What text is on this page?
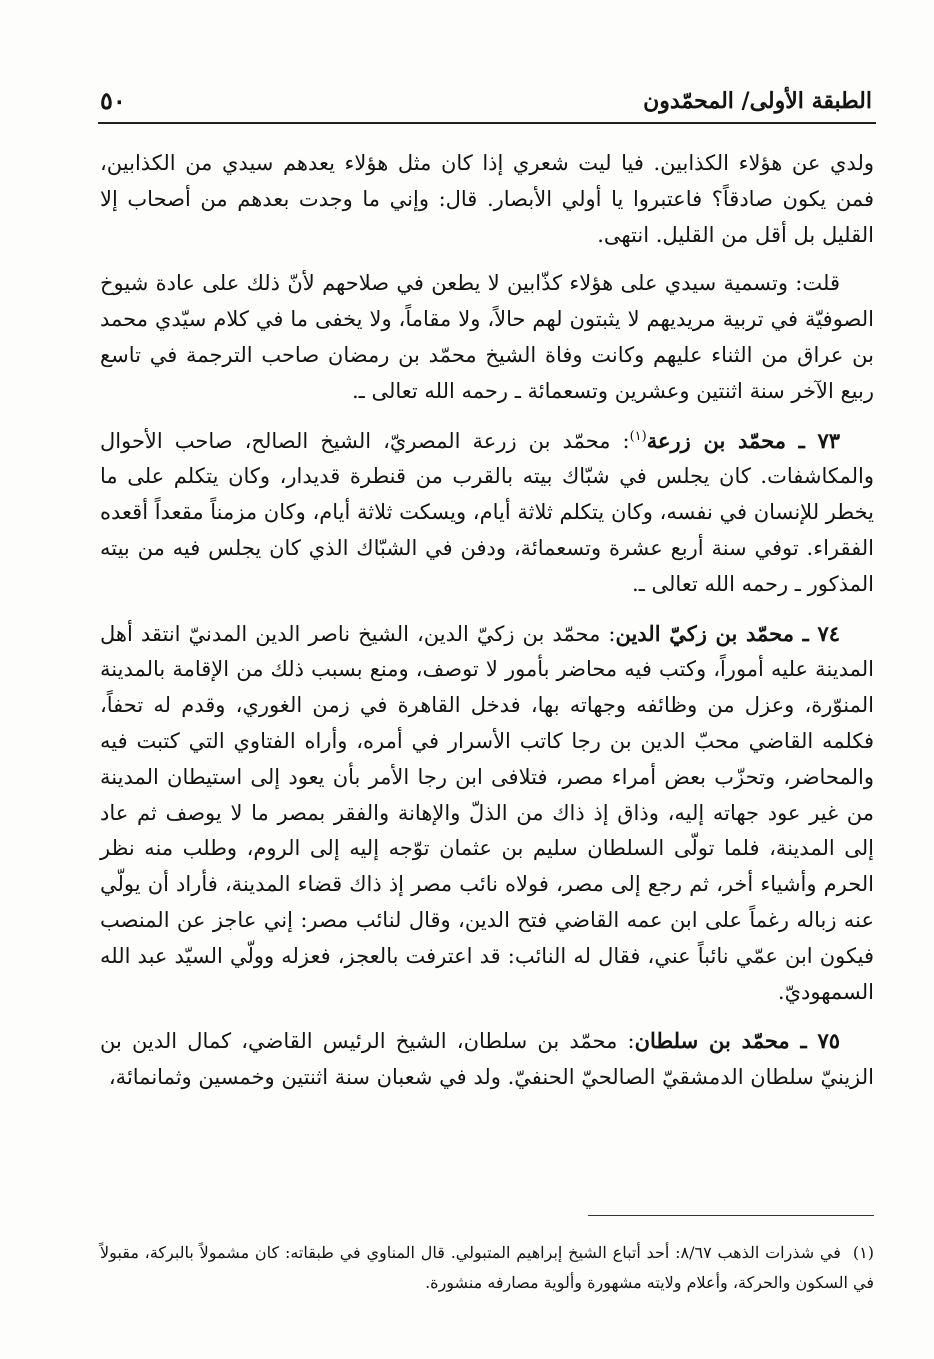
الطبقة الأولى/ المحمّدون
٥٠

ولدي عن هؤلاء الكذابين. فيا ليت شعري إذا كان مثل هؤلاء يعدهم سيدي من الكذابين، فمن يكون صادقاً؟ فاعتبروا يا أولي الأبصار. قال: وإني ما وجدت بعدهم من أصحاب إلا القليل بل أقل من القليل. انتهى.

قلت: وتسمية سيدي على هؤلاء كذّابين لا يطعن في صلاحهم لأنّ ذلك على عادة شيوخ الصوفيّة في تربية مريديهم لا يثبتون لهم حالاً، ولا مقاماً، ولا يخفى ما في كلام سيّدي محمد بن عراق من الثناء عليهم وكانت وفاة الشيخ محمّد بن رمضان صاحب الترجمة في تاسع ربيع الآخر سنة اثنتين وعشرين وتسعمائة ـ رحمه الله تعالى ـ.

٧٣ ـ محمّد بن زرعة$^{(١)}$: محمّد بن زرعة المصريّ، الشيخ الصالح، صاحب الأحوال والمكاشفات. كان يجلس في شبّاك بيته بالقرب من قنطرة قديدار، وكان يتكلم على ما يخطر للإنسان في نفسه، وكان يتكلم ثلاثة أيام، ويسكت ثلاثة أيام، وكان مزمناً مقعداً أقعده الفقراء. توفي سنة أربع عشرة وتسعمائة، ودفن في الشبّاك الذي كان يجلس فيه من بيته المذكور ـ رحمه الله تعالى ـ.

٧٤ ـ محمّد بن زكيّ الدين: محمّد بن زكيّ الدين، الشيخ ناصر الدين المدنيّ انتقد أهل المدينة عليه أموراً، وكتب فيه محاضر بأمور لا توصف، ومنع بسبب ذلك من الإقامة بالمدينة المنوّرة، وعزل من وظائفه وجهاته بها، فدخل القاهرة في زمن الغوري، وقدم له تحفاً، فكلمه القاضي محبّ الدين بن رجا كاتب الأسرار في أمره، وأراه الفتاوي التي كتبت فيه والمحاضر، وتحزّب بعض أمراء مصر، فتلافى ابن رجا الأمر بأن يعود إلى استيطان المدينة من غير عود جهاته إليه، وذاق إذ ذاك من الذلّ والإهانة والفقر بمصر ما لا يوصف ثم عاد إلى المدينة، فلما تولّى السلطان سليم بن عثمان توّجه إليه إلى الروم، وطلب منه نظر الحرم وأشياء أخر، ثم رجع إلى مصر، فولاه نائب مصر إذ ذاك قضاء المدينة، فأراد أن يولّي عنه زباله رغماً على ابن عمه القاضي فتح الدين، وقال لنائب مصر: إني عاجز عن المنصب فيكون ابن عمّي نائباً عني، فقال له النائب: قد اعترفت بالعجز، فعزله وولّي السيّد عبد الله السمهوديّ.

٧٥ ـ محمّد بن سلطان: محمّد بن سلطان، الشيخ الرئيس القاضي، كمال الدين بن الزينيّ سلطان الدمشقيّ الصالحيّ الحنفيّ. ولد في شعبان سنة اثنتين وخمسين وثمانمائة،

(١)في شذرات الذهب ٨/٦٧: أحد أتباع الشيخ إبراهيم المتبولي. قال المناوي في طبقاته: كان مشمولاً بالبركة، مقبولاً في السكون والحركة، وأعلام ولايته مشهورة وألوية مصارفه منشورة.
